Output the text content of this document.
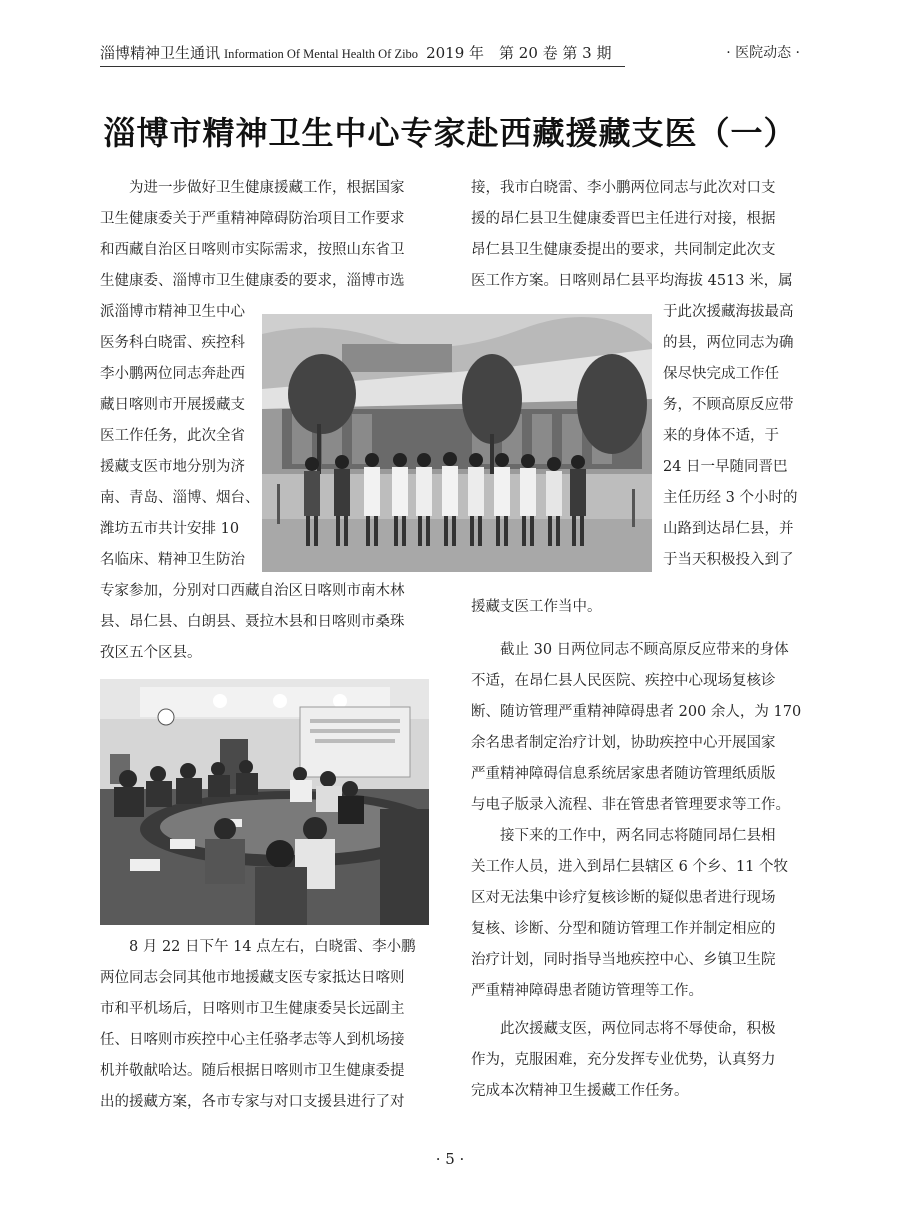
淄博精神卫生通讯 Information Of Mental Health Of Zibo 2019 年　第 20 卷 第 3 期	· 医院动态 ·
淄博市精神卫生中心专家赴西藏援藏支医（一）
　　为进一步做好卫生健康援藏工作，根据国家
卫生健康委关于严重精神障碍防治项目工作要求
和西藏自治区日喀则市实际需求，按照山东省卫
生健康委、淄博市卫生健康委的要求，淄博市选
派淄博市精神卫生中心
医务科白晓雷、疾控科
李小鹏两位同志奔赴西
藏日喀则市开展援藏支
医工作任务，此次全省
援藏支医市地分别为济
南、青岛、淄博、烟台、
潍坊五市共计安排 10
名临床、精神卫生防治
专家参加，分别对口西藏自治区日喀则市南木林
县、昂仁县、白朗县、聂拉木县和日喀则市桑珠
孜区五个区县。
　　8 月 22 日下午 14 点左右，白晓雷、李小鹏
两位同志会同其他市地援藏支医专家抵达日喀则
市和平机场后，日喀则市卫生健康委吴长远副主
任、日喀则市疾控中心主任骆孝志等人到机场接
机并敬献哈达。随后根据日喀则市卫生健康委提
出的援藏方案，各市专家与对口支援县进行了对
接，我市白晓雷、李小鹏两位同志与此次对口支
援的昂仁县卫生健康委晋巴主任进行对接，根据
昂仁县卫生健康委提出的要求，共同制定此次支
医工作方案。日喀则昂仁县平均海拔 4513 米，属
于此次援藏海拔最高
的县，两位同志为确
保尽快完成工作任
务，不顾高原反应带
来的身体不适，于
24 日一早随同晋巴
主任历经 3 个小时的
山路到达昂仁县，并
于当天积极投入到了
援藏支医工作当中。
　　截止 30 日两位同志不顾高原反应带来的身体
不适，在昂仁县人民医院、疾控中心现场复核诊
断、随访管理严重精神障碍患者 200 余人，为 170
余名患者制定治疗计划，协助疾控中心开展国家
严重精神障碍信息系统居家患者随访管理纸质版
与电子版录入流程、非在管患者管理要求等工作。
　　接下来的工作中，两名同志将随同昂仁县相
关工作人员，进入到昂仁县辖区 6 个乡、11 个牧
区对无法集中诊疗复核诊断的疑似患者进行现场
复核、诊断、分型和随访管理工作并制定相应的
治疗计划，同时指导当地疾控中心、乡镇卫生院
严重精神障碍患者随访管理等工作。
　　此次援藏支医，两位同志将不辱使命，积极
作为，克服困难，充分发挥专业优势，认真努力
完成本次精神卫生援藏工作任务。
· 5 ·
